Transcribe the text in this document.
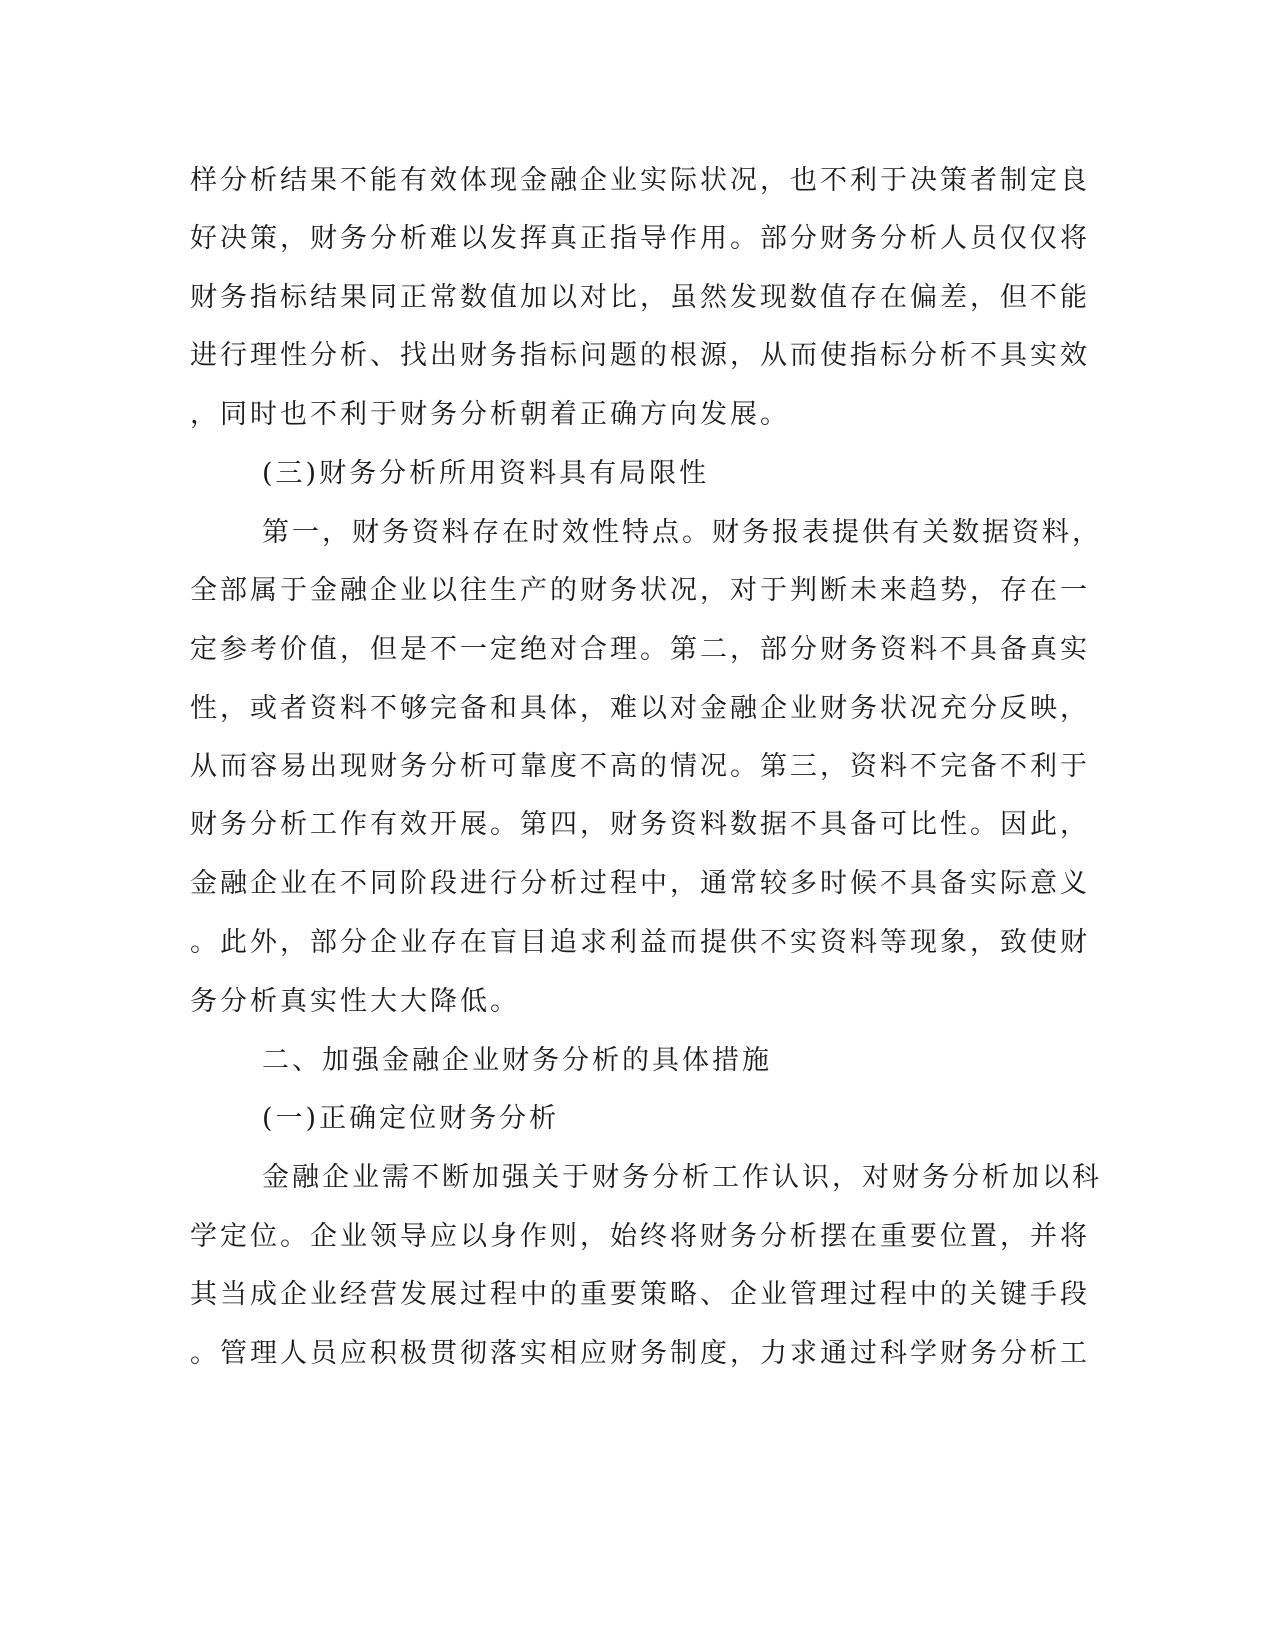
样分析结果不能有效体现金融企业实际状况，也不利于决策者制定良

好决策，财务分析难以发挥真正指导作用。部分财务分析人员仅仅将

财务指标结果同正常数值加以对比，虽然发现数值存在偏差，但不能

进行理性分析、找出财务指标问题的根源，从而使指标分析不具实效

，同时也不利于财务分析朝着正确方向发展。

(三)财务分析所用资料具有局限性

第一，财务资料存在时效性特点。财务报表提供有关数据资料，

全部属于金融企业以往生产的财务状况，对于判断未来趋势，存在一

定参考价值，但是不一定绝对合理。第二，部分财务资料不具备真实

性，或者资料不够完备和具体，难以对金融企业财务状况充分反映，

从而容易出现财务分析可靠度不高的情况。第三，资料不完备不利于

财务分析工作有效开展。第四，财务资料数据不具备可比性。因此，

金融企业在不同阶段进行分析过程中，通常较多时候不具备实际意义

。此外，部分企业存在盲目追求利益而提供不实资料等现象，致使财

务分析真实性大大降低。

二、加强金融企业财务分析的具体措施

(一)正确定位财务分析

金融企业需不断加强关于财务分析工作认识，对财务分析加以科

学定位。企业领导应以身作则，始终将财务分析摆在重要位置，并将

其当成企业经营发展过程中的重要策略、企业管理过程中的关键手段

。管理人员应积极贯彻落实相应财务制度，力求通过科学财务分析工
